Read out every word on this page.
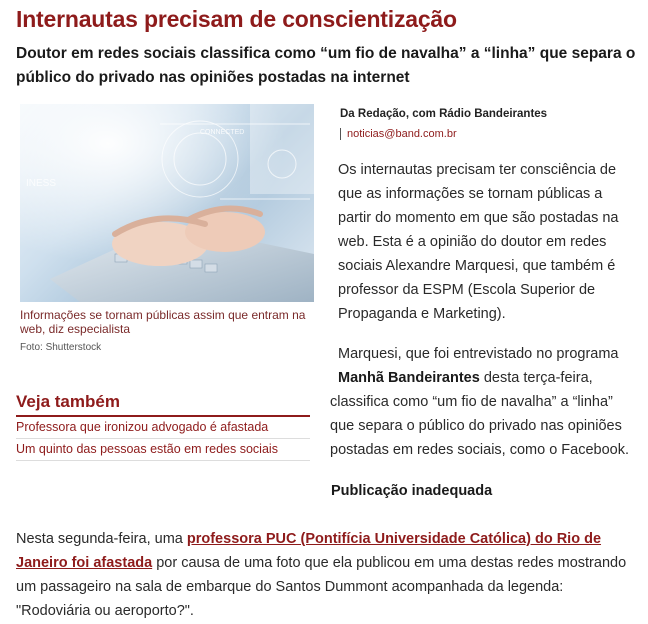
Internautas precisam de conscientização
Doutor em redes sociais classifica como “um fio de navalha” a “linha” que separa o público do privado nas opiniões postadas na internet
INESS
CONNECTED
Informações se tornam públicas assim que entram na web, diz especialista
Foto: Shutterstock
Veja também
Professora que ironizou advogado é afastada
Um quinto das pessoas estão em redes sociais
Da Redação, com Rádio Bandeirantes
noticias@band.com.br

Os internautas precisam ter consciência de que as informações se tornam públicas a partir do momento em que são postadas na web. Esta é a opinião do doutor em redes sociais Alexandre Marquesi, que também é professor da ESPM (Escola Superior de Propaganda e Marketing).

Marquesi, que foi entrevistado no programa

Manhã Bandeirantes desta terça-feira, classifica como “um fio de navalha” a “linha” que separa o público do privado nas opiniões postadas em redes sociais, como o Facebook.

Publicação inadequada

Nesta segunda-feira, uma professora PUC (Pontifícia Universidade Católica) do Rio de Janeiro foi afastada por causa de uma foto que ela publicou em uma destas redes mostrando um passageiro na sala de embarque do Santos Dummont acompanhada da legenda: "Rodoviária ou aeroporto?".
